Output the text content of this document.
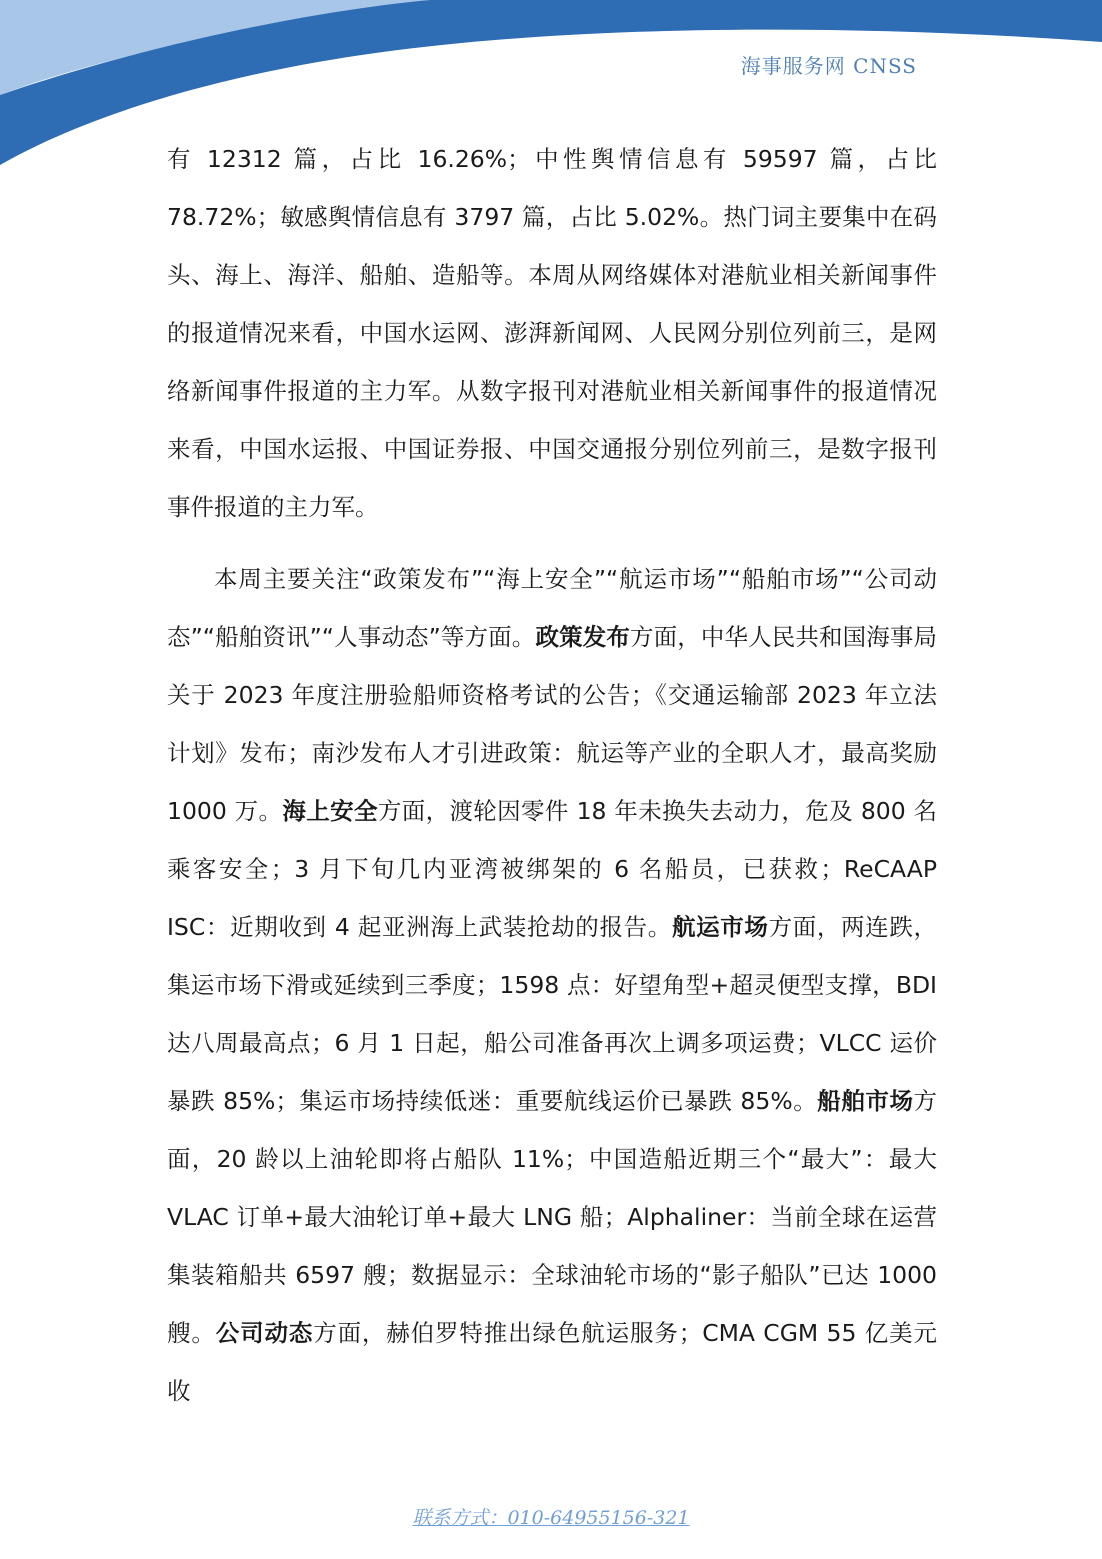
海事服务网 CNSS

有 12312 篇，占比 16.26%；中性舆情信息有 59597 篇，占比 78.72%；敏感舆情信息有 3797 篇，占比 5.02%。热门词主要集中在码头、海上、海洋、船舶、造船等。本周从网络媒体对港航业相关新闻事件的报道情况来看，中国水运网、澎湃新闻网、人民网分别位列前三，是网络新闻事件报道的主力军。从数字报刊对港航业相关新闻事件的报道情况来看，中国水运报、中国证券报、中国交通报分别位列前三，是数字报刊事件报道的主力军。

本周主要关注“政策发布”“海上安全”“航运市场”“船舶市场”“公司动态”“船舶资讯”“人事动态”等方面。政策发布方面，中华人民共和国海事局关于 2023 年度注册验船师资格考试的公告；《交通运输部 2023 年立法计划》发布；南沙发布人才引进政策：航运等产业的全职人才，最高奖励 1000 万。海上安全方面，渡轮因零件 18 年未换失去动力，危及 800 名乘客安全；3 月下旬几内亚湾被绑架的 6 名船员，已获救；ReCAAP ISC：近期收到 4 起亚洲海上武装抢劫的报告。航运市场方面，两连跌，集运市场下滑或延续到三季度；1598 点：好望角型+超灵便型支撑，BDI 达八周最高点；6 月 1 日起，船公司准备再次上调多项运费；VLCC 运价暴跌 85%；集运市场持续低迷：重要航线运价已暴跌 85%。船舶市场方面，20 龄以上油轮即将占船队 11%；中国造船近期三个“最大”：最大 VLAC 订单+最大油轮订单+最大 LNG 船；Alphaliner：当前全球在运营集装箱船共 6597 艘；数据显示：全球油轮市场的“影子船队”已达 1000 艘。公司动态方面，赫伯罗特推出绿色航运服务；CMA CGM 55 亿美元收

联系方式：010-64955156-321
